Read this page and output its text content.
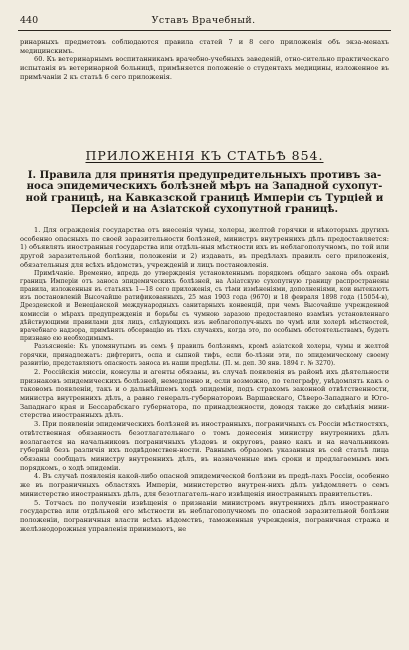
440	Уставъ Врачебный.

ринарныхъ предметовъ соблюдаются правила статей 7 и 8 сего приложенія объ экза-менахъ медицинскимъ.

60. Къ ветеринарнымъ воспитанникамъ врачебно-учебныхъ заведеній, отно-сительно практическаго испытанія въ ветеринарной больницѣ, примѣняется положеніе о студентахъ медицины, изложенное въ примѣчаніи 2 къ статьѣ 6 сего приложенія.

ПРИЛОЖЕНІЯ КЪ СТАТЬѢ 854.
I. Правила для принятія предупредительныхъ противъ за-носа эпидемическихъ болѣзней мѣръ на Западной сухопут-ной границѣ, на Кавказской границѣ Имперіи съ Турціей и Персіей и на Азіатской сухопутной границѣ.

1. Для огражденія государства отъ внесенія чумы, холеры, желтой горячки и нѣкоторыхъ другихъ особенно опасныхъ по своей заразительности болѣзней, министръ внутреннихъ дѣлъ предоставляется: 1) объявлять иностранныя государства или отдѣль-ныя мѣстности ихъ въ неблагополучномъ, по той или другой заразительной болѣзни, положеніи и 2) издавать, въ предѣлахъ правилъ сего приложенія, обязательныя для всѣхъ вѣдомствъ, учрежденій и лицъ постановленія.

Примѣчаніе. Временно, впредь до утвержденія установленнымъ порядкомъ общаго закона объ охранѣ границъ Имперіи отъ заноса эпидемическихъ болѣзней, на Азіатскую сухопутную границу распространены правила, изложенныя въ статьяхъ 1—18 сего приложенія, съ тѣми измѣненіями, дополненіями, кои вытекаютъ изъ постановленій Высочайше ратификованныхъ, 25 мая 1903 года (9670) и 18 февраля 1898 года (15054-в), Дрезденской и Венеціанской международныхъ санитарныхъ конвенцій, при чемъ Высочайше учрежденной комиссіи о мѣрахъ предупрежденія и борьбы съ чумною заразою предоставлено взамѣнъ установленнаго дѣйствующими правилами для лицъ, слѣдующихъ изъ неблагополуч-ныхъ по чумѣ или холерѣ мѣстностей, врачебнаго надзора, примѣнять обсервацію въ тѣхъ случаяхъ, когда это, по особымъ обстоятельствамъ, будетъ признано ею необходимымъ.

Разъясненіе: Къ упомянутымъ въ семъ § правилъ болѣзнямъ, кромѣ азіатской холеры, чумы и желтой горячки, принадлежатъ: дифтеритъ, оспа и сыпной тифъ, если бо-лѣзни эти, по эпидемическому своему развитію, представляютъ опасность заноса въ наши предѣлы. (П. м. деп. 30 янв. 1894 г. № 3270).

2. Россійскія миссіи, консулы и агенты обязаны, въ случаѣ появленія въ районѣ ихъ дѣятельности признаковъ эпидемическихъ болѣзней, немедленно и, если возможно, по телеграфу, увѣдомлять какъ о таковомъ появленіи, такъ и о дальнѣйшемъ ходѣ эпидеміи, подъ страхомъ законной отвѣтственности, министра внутреннихъ дѣлъ, а равно генералъ-губернаторовъ Варшавскаго, Сѣверо-Западнаго и Юго-Западнаго края и Бессарабскаго губернатора, по принадлежности, доводя также до свѣдѣнія мини-стерства иностранныхъ дѣлъ.

3. При появленіи эпидемическихъ болѣзней въ иностранныхъ, пограничныхъ съ Россіи мѣстностяхъ, отвѣтственная обязанность безотлагательнаго о томъ донесенія министру внутреннихъ дѣлъ возлагается на начальниковъ пограничныхъ уѣздовъ и округовъ, равно какъ и на начальниковъ губерній безъ различія ихъ подвѣдомствен-ности. Равнымъ образомъ указанныя въ сей статьѣ лица обязаны сообщать министру внутреннихъ дѣлъ, въ назначенные имъ сроки и предлагаемымъ имъ порядкомъ, о ходѣ эпидеміи.

4. Въ случаѣ появленія какой-либо опасной эпидемической болѣзни въ предѣ-лахъ Россіи, особенно же въ пограничныхъ областяхъ Имперіи, министерство внутрен-нихъ дѣлъ увѣдомляетъ о семъ министерство иностранныхъ дѣлъ, для безотлагатель-наго извѣщенія иностранныхъ правительствъ.

5. Тотчасъ по полученіи извѣщенія о признаніи министромъ внутреннихъ дѣлъ иностраннаго государства или отдѣльной его мѣстности въ неблагополучномъ по опасной заразительной болѣзни положеніи, пограничныя власти всѣхъ вѣдомствъ, таможенныя учрежденія, пограничная стража и желѣзнодорожныя управленія принимаютъ, не
